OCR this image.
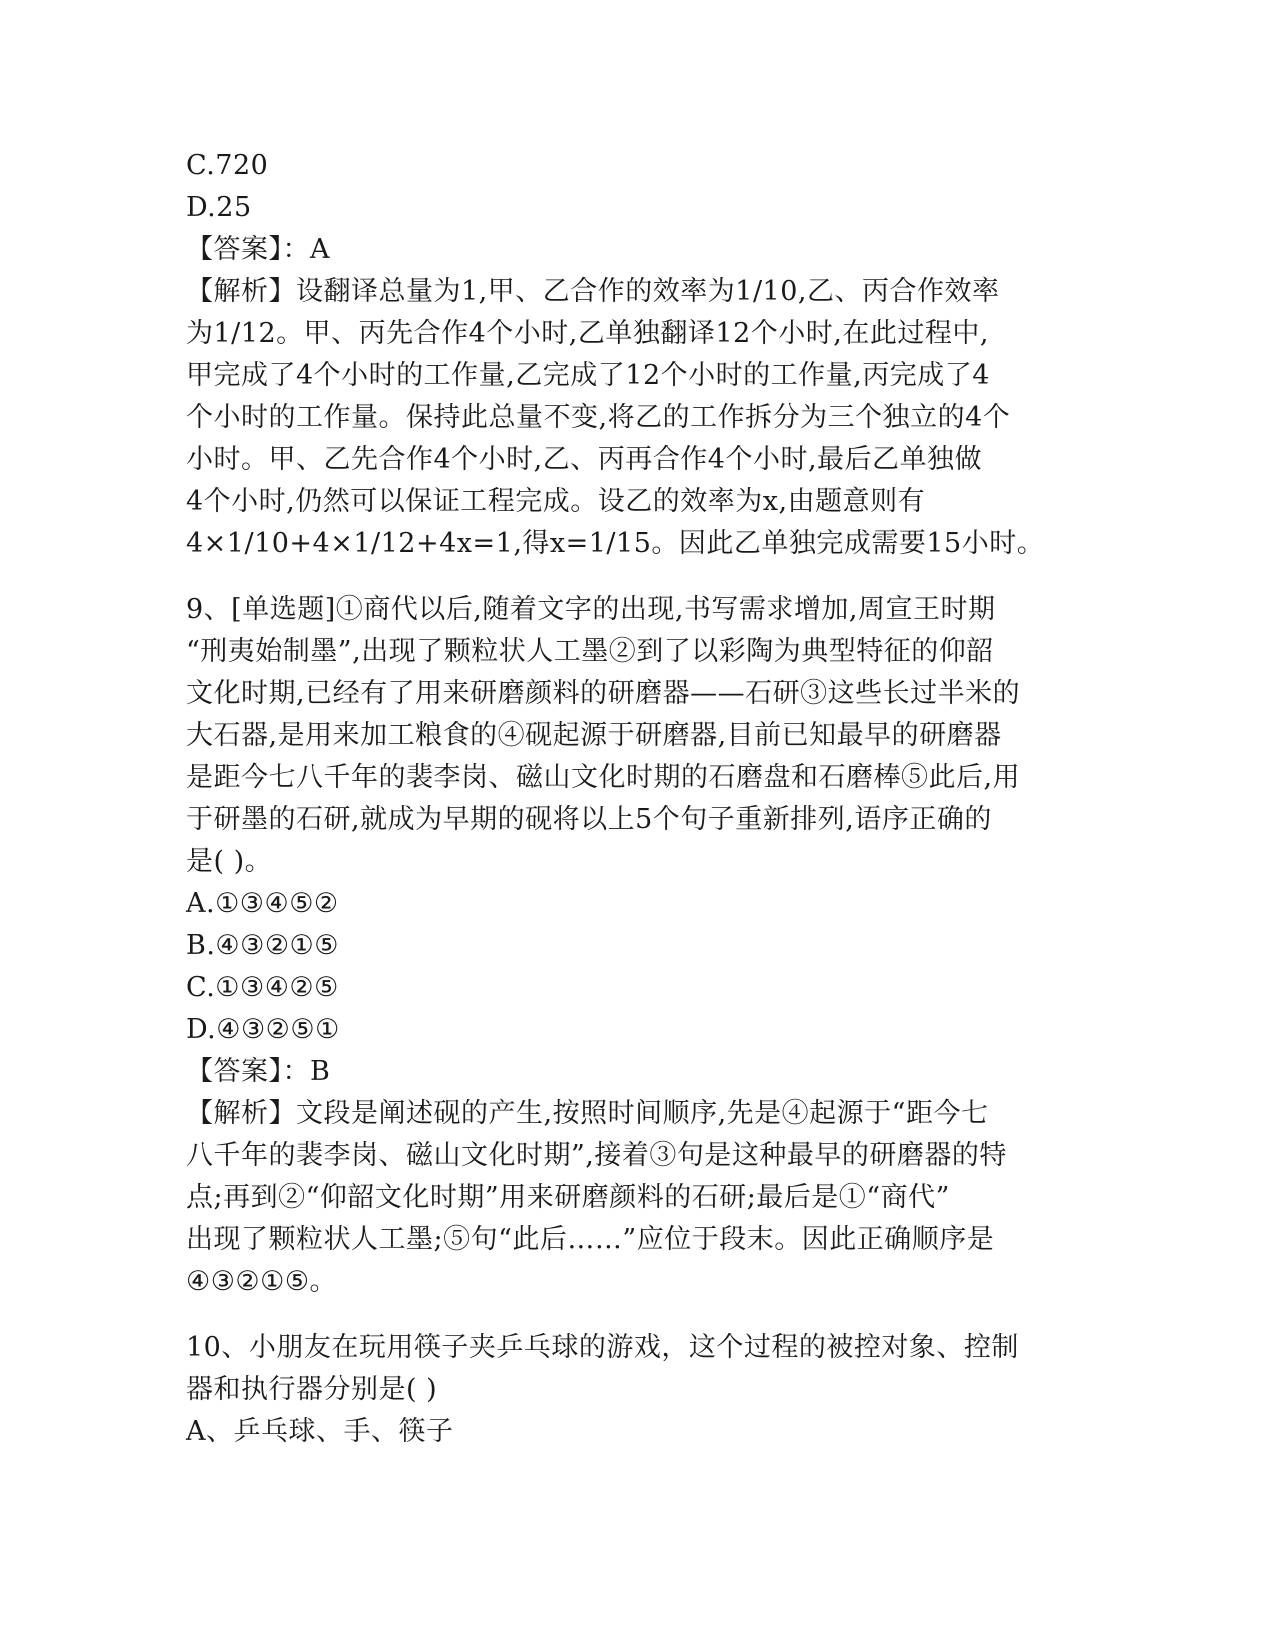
C.720
D.25
【答案】：A
【解析】设翻译总量为1,甲、乙合作的效率为1/10,乙、丙合作效率
为1/12。甲、丙先合作4个小时,乙单独翻译12个小时,在此过程中,
甲完成了4个小时的工作量,乙完成了12个小时的工作量,丙完成了4
个小时的工作量。保持此总量不变,将乙的工作拆分为三个独立的4个
小时。甲、乙先合作4个小时,乙、丙再合作4个小时,最后乙单独做
4个小时,仍然可以保证工程完成。设乙的效率为x,由题意则有
4×1/10+4×1/12+4x=1,得x=1/15。因此乙单独完成需要15小时。
9、[单选题]①商代以后,随着文字的出现,书写需求增加,周宣王时期
“刑夷始制墨”,出现了颗粒状人工墨②到了以彩陶为典型特征的仰韶
文化时期,已经有了用来研磨颜料的研磨器——石研③这些长过半米的
大石器,是用来加工粮食的④砚起源于研磨器,目前已知最早的研磨器
是距今七八千年的裴李岗、磁山文化时期的石磨盘和石磨棒⑤此后,用
于研墨的石研,就成为早期的砚将以上5个句子重新排列,语序正确的
是( )。
A.①③④⑤②
B.④③②①⑤
C.①③④②⑤
D.④③②⑤①
【答案】：B
【解析】文段是阐述砚的产生,按照时间顺序,先是④起源于“距今七
八千年的裴李岗、磁山文化时期”,接着③句是这种最早的研磨器的特
点;再到②“仰韶文化时期”用来研磨颜料的石研;最后是①“商代”
出现了颗粒状人工墨;⑤句“此后……”应位于段末。因此正确顺序是
④③②①⑤。
10、小朋友在玩用筷子夹乒乓球的游戏，这个过程的被控对象、控制
器和执行器分别是( )
A、乒乓球、手、筷子
